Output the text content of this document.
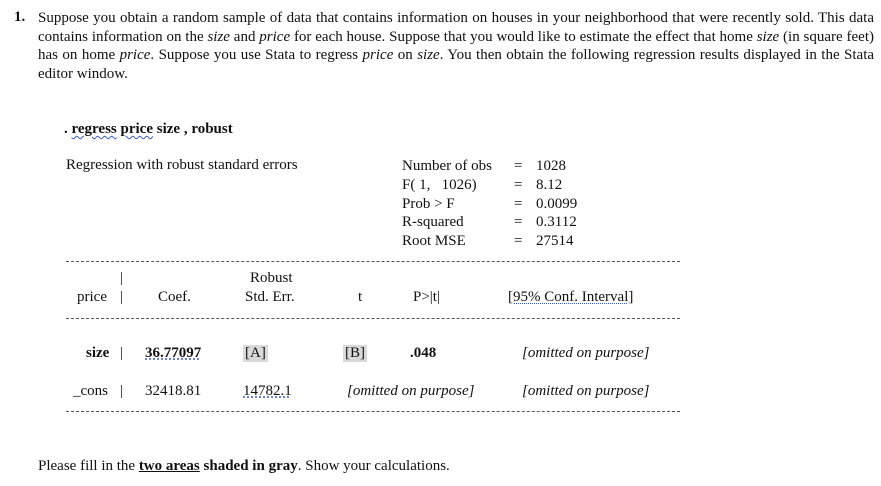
1. Suppose you obtain a random sample of data that contains information on houses in your neighborhood that were recently sold. This data contains information on the size and price for each house. Suppose that you would like to estimate the effect that home size (in square feet) has on home price. Suppose you use Stata to regress price on size. You then obtain the following regression results displayed in the Stata editor window.

. regress price size , robust
Regression with robust standard errors	Number of obs	= 1028
F( 1,   1026)	= 8.12
Prob > F	= 0.0099
R-squared	= 0.3112
Root MSE	= 27514
|	Robust
price | Coef.	Std. Err.	t	P>|t|	[95% Conf. Interval]
size | 36.77097	[A]	[B]	.048	[omitted on purpose]
_cons | 32418.81	14782.1	[omitted on purpose]	[omitted on purpose]
Please fill in the two areas shaded in gray. Show your calculations.
